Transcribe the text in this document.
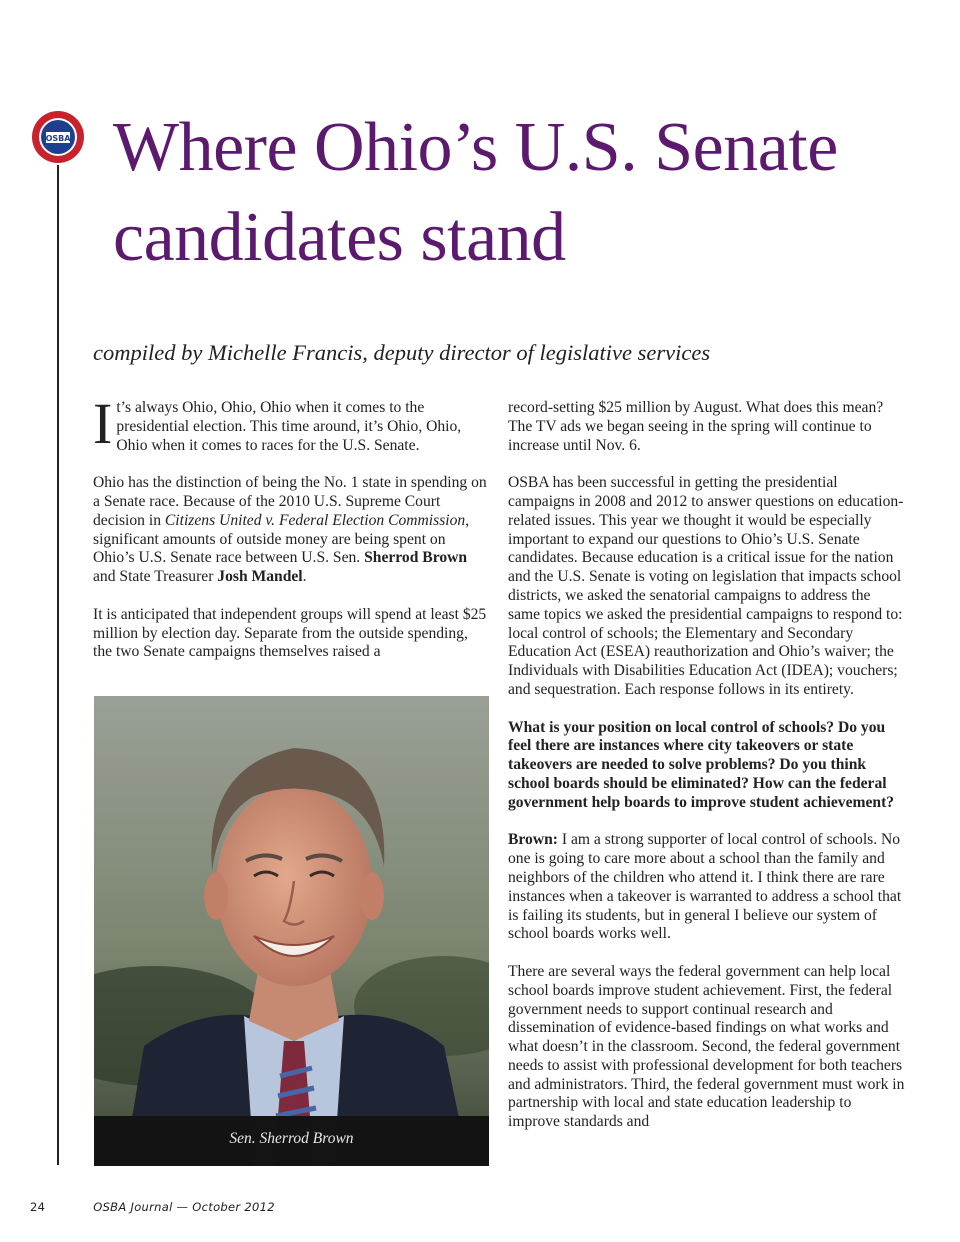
OSBA Where Ohio’s U.S. Senate
candidates stand

compiled by Michelle Francis, deputy director of legislative services

It’s always Ohio, Ohio, Ohio when it comes to the presidential election. This time around, it’s Ohio, Ohio, Ohio when it comes to races for the U.S. Senate.

Ohio has the distinction of being the No. 1 state in spending on a Senate race. Because of the 2010 U.S. Supreme Court decision in Citizens United v. Federal Election Commission, significant amounts of outside money are being spent on Ohio’s U.S. Senate race between U.S. Sen. Sherrod Brown and State Treasurer Josh Mandel.

It is anticipated that independent groups will spend at least $25 million by election day. Separate from the outside spending, the two Senate campaigns themselves raised a

Sen. Sherrod Brown

record-setting $25 million by August. What does this mean? The TV ads we began seeing in the spring will continue to increase until Nov. 6.

OSBA has been successful in getting the presidential campaigns in 2008 and 2012 to answer questions on education-related issues. This year we thought it would be especially important to expand our questions to Ohio’s U.S. Senate candidates. Because education is a critical issue for the nation and the U.S. Senate is voting on legislation that impacts school districts, we asked the senatorial campaigns to address the same topics we asked the presidential campaigns to respond to: local control of schools; the Elementary and Secondary Education Act (ESEA) reauthorization and Ohio’s waiver; the Individuals with Disabilities Education Act (IDEA); vouchers; and sequestration. Each response follows in its entirety.

What is your position on local control of schools? Do you feel there are instances where city takeovers or state takeovers are needed to solve problems? Do you think school boards should be eliminated? How can the federal government help boards to improve student achievement?

Brown: I am a strong supporter of local control of schools. No one is going to care more about a school than the family and neighbors of the children who attend it. I think there are rare instances when a takeover is warranted to address a school that is failing its students, but in general I believe our system of school boards works well.

There are several ways the federal government can help local school boards improve student achievement. First, the federal government needs to support continual research and dissemination of evidence-based findings on what works and what doesn’t in the classroom. Second, the federal government needs to assist with professional development for both teachers and administrators. Third, the federal government must work in partnership with local and state education leadership to improve standards and

24	OSBA Journal — October 2012
